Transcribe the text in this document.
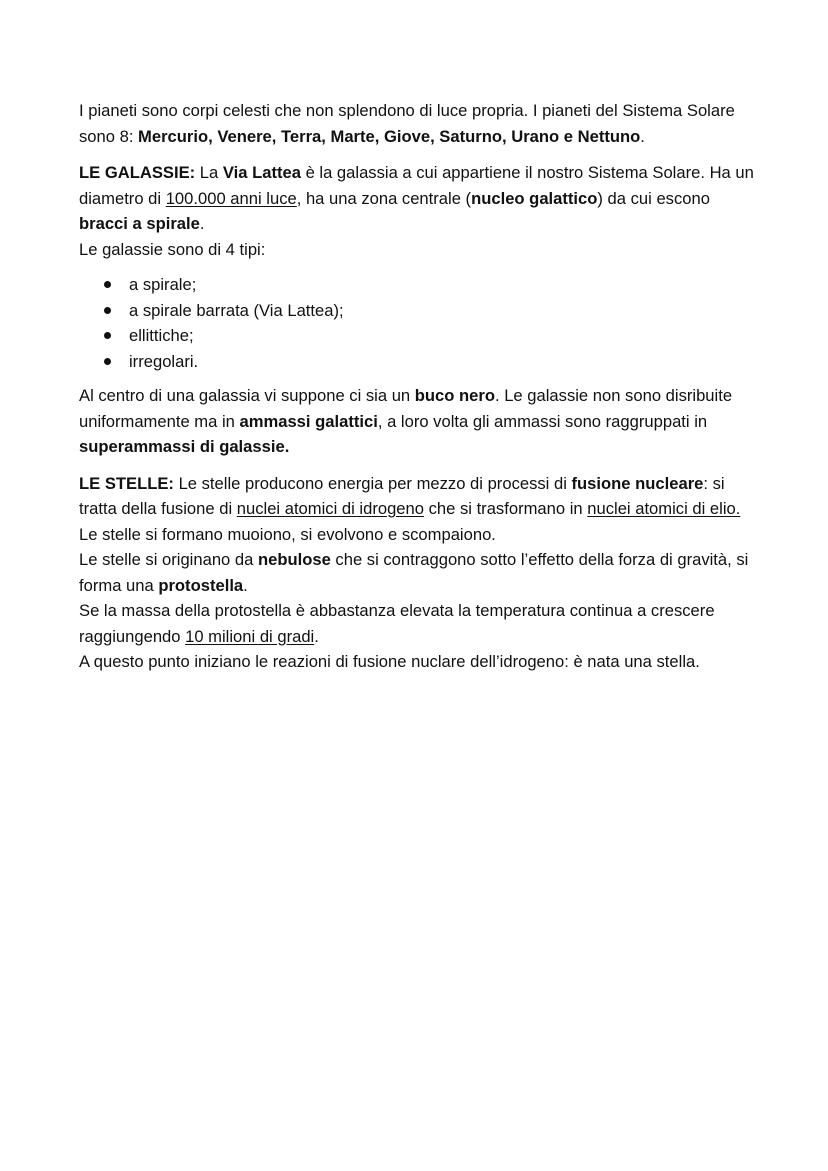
I pianeti sono corpi celesti che non splendono di luce propria. I pianeti del Sistema Solare sono 8: Mercurio, Venere, Terra, Marte, Giove, Saturno, Urano e Nettuno.

LE GALASSIE: La Via Lattea è la galassia a cui appartiene il nostro Sistema Solare. Ha un diametro di 100.000 anni luce, ha una zona centrale (nucleo galattico) da cui escono bracci a spirale.

Le galassie sono di 4 tipi:

a spirale;
a spirale barrata (Via Lattea);
ellittiche;
irregolari.

Al centro di una galassia vi suppone ci sia un buco nero. Le galassie non sono disribuite uniformamente ma in ammassi galattici, a loro volta gli ammassi sono raggruppati in superammassi di galassie.

LE STELLE: Le stelle producono energia per mezzo di processi di fusione nucleare: si tratta della fusione di nuclei atomici di idrogeno che si trasformano in nuclei atomici di elio.

Le stelle si formano muoiono, si evolvono e scompaiono.

Le stelle si originano da nebulose che si contraggono sotto l’effetto della forza di gravità, si forma una protostella.

Se la massa della protostella è abbastanza elevata la temperatura continua a crescere raggiungendo 10 milioni di gradi.

A questo punto iniziano le reazioni di fusione nuclare dell’idrogeno: è nata una stella.
